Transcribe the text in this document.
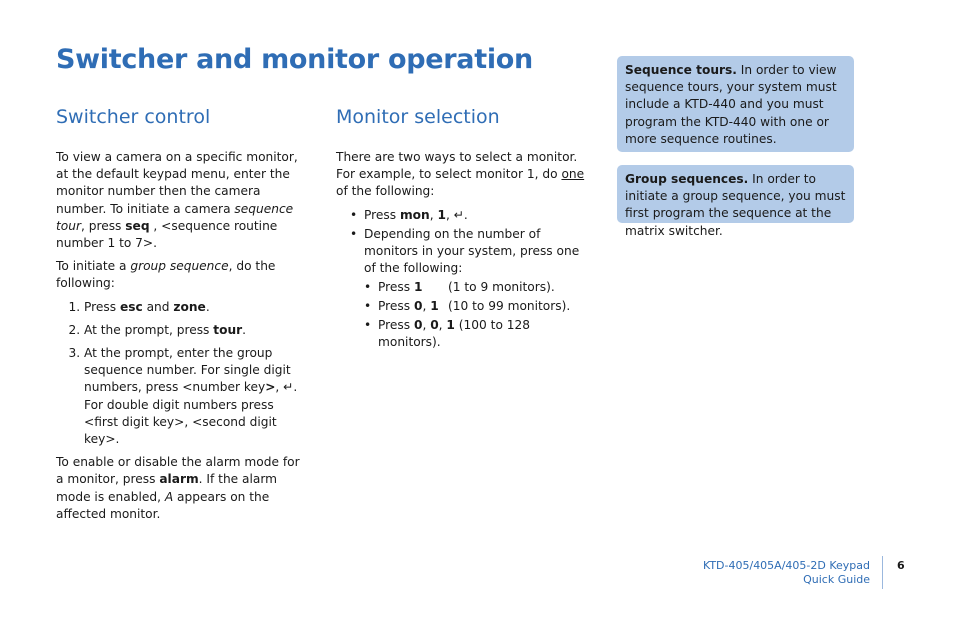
Switcher and monitor operation
Switcher control	Monitor selection

To view a camera on a specific monitor, at the default keypad menu, enter the monitor number then the camera number. To initiate a camera sequence tour, press seq , <sequence routine number 1 to 7>.

To initiate a group sequence, do the following:

1. Press esc and zone.
2. At the prompt, press tour.
3. At the prompt, enter the group sequence number. For single digit numbers, press <number key>, ↵. For double digit numbers press <first digit key>, <second digit key>.

To enable or disable the alarm mode for a monitor, press alarm. If the alarm mode is enabled, A appears on the affected monitor.

There are two ways to select a monitor. For example, to select monitor 1, do one of the following:

• Press mon, 1, ↵.
• Depending on the number of monitors in your system, press one of the following:
• Press 1 (1 to 9 monitors).
• Press 0, 1 (10 to 99 monitors).
• Press 0, 0, 1 (100 to 128 monitors).
Sequence tours. In order to view sequence tours, your system must include a KTD-440 and you must program the KTD-440 with one or more sequence routines.
Group sequences. In order to initiate a group sequence, you must first program the sequence at the matrix switcher.
KTD-405/405A/405-2D Keypad
Quick Guide
6
